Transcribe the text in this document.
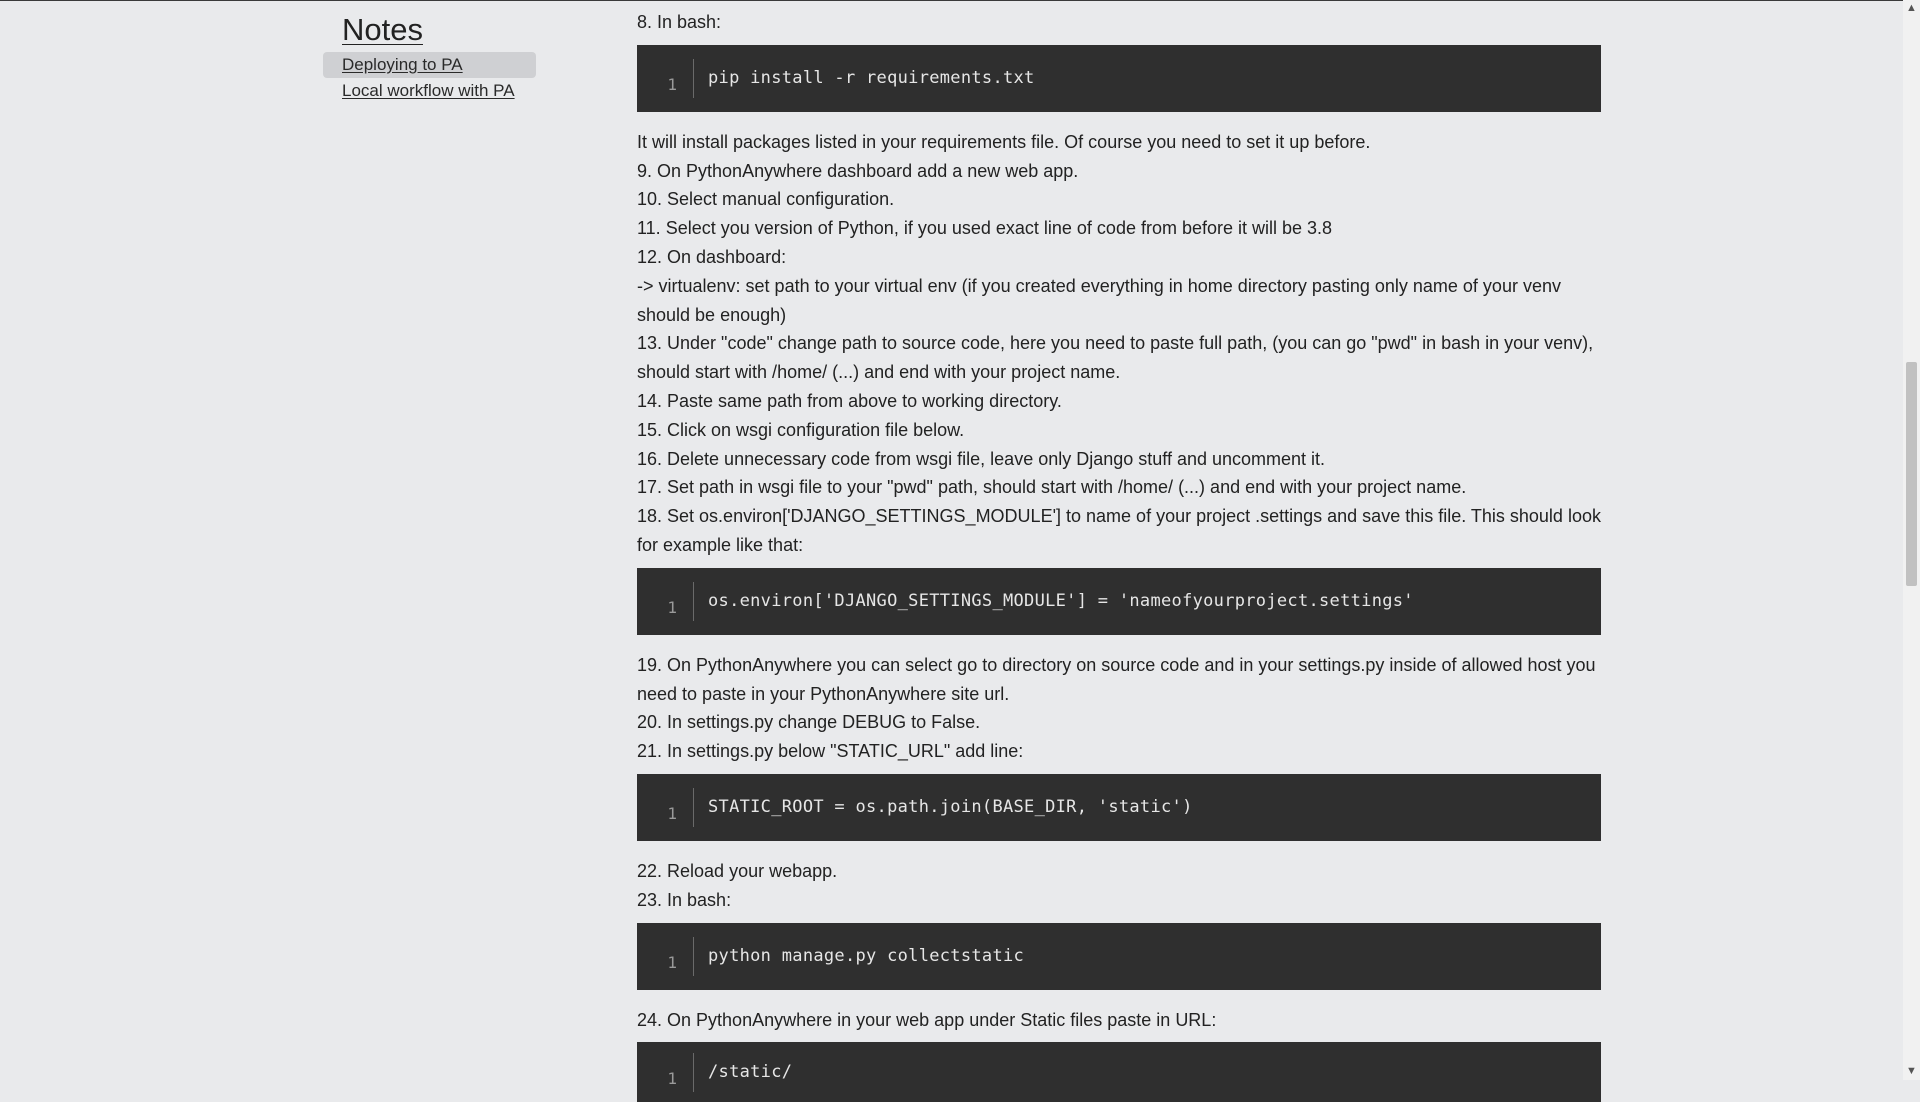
Notes
Deploying to PA
Local workflow with PA

8. In bash:

1	pip install -r requirements.txt

It will install packages listed in your requirements file. Of course you need to set it up before.

9. On PythonAnywhere dashboard add a new web app.

10. Select manual configuration.

11. Select you version of Python, if you used exact line of code from before it will be 3.8

12. On dashboard:

-> virtualenv: set path to your virtual env (if you created everything in home directory pasting only name of your venv should be enough)

13. Under "code" change path to source code, here you need to paste full path, (you can go "pwd" in bash in your venv), should start with /home/ (...) and end with your project name.

14. Paste same path from above to working directory.

15. Click on wsgi configuration file below.

16. Delete unnecessary code from wsgi file, leave only Django stuff and uncomment it.

17. Set path in wsgi file to your "pwd" path, should start with /home/ (...) and end with your project name.

18. Set os.environ['DJANGO_SETTINGS_MODULE'] to name of your project .settings and save this file. This should look for example like that:

1	os.environ['DJANGO_SETTINGS_MODULE'] = 'nameofyourproject.settings'

19. On PythonAnywhere you can select go to directory on source code and in your settings.py inside of allowed host you need to paste in your PythonAnywhere site url.

20. In settings.py change DEBUG to False.

21. In settings.py below "STATIC_URL" add line:

1	STATIC_ROOT = os.path.join(BASE_DIR, 'static')

22. Reload your webapp.

23. In bash:

1	python manage.py collectstatic

24. On PythonAnywhere in your web app under Static files paste in URL:

1	/static/
▲
▼
